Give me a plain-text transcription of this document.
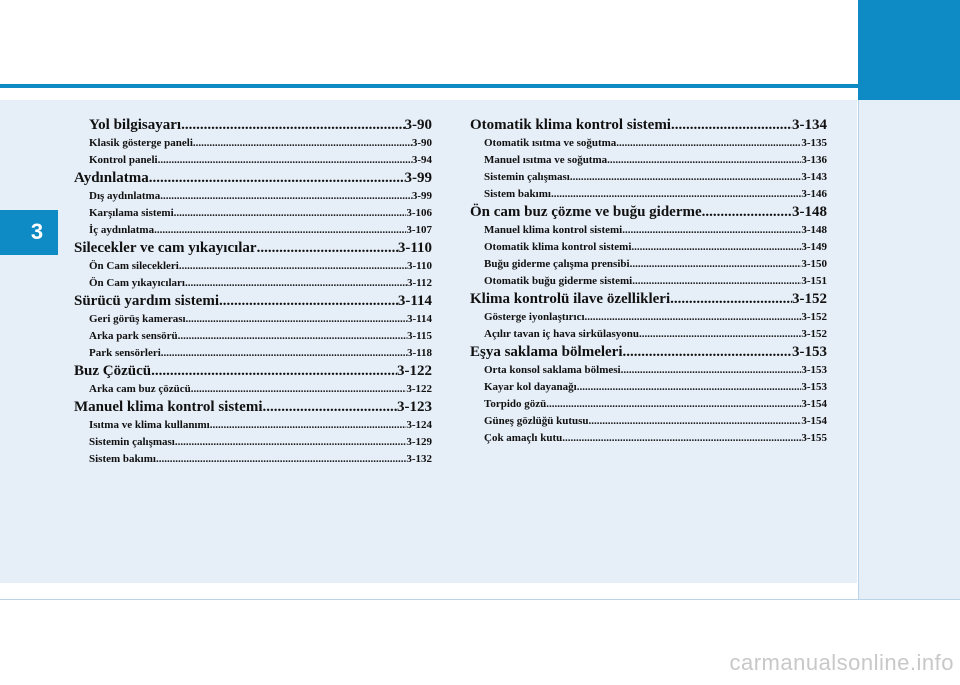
3
Yol bilgisayarı .....	3-90
Klasik gösterge paneli .....	3-90
Kontrol paneli .....	3-94
Aydınlatma .....	3-99
Dış aydınlatma .....	3-99
Karşılama sistemi .....	3-106
İç aydınlatma .....	3-107
Silecekler ve cam yıkayıcılar .....	3-110
Ön Cam silecekleri .....	3-110
Ön Cam yıkayıcıları .....	3-112
Sürücü yardım sistemi .....	3-114
Geri görüş kamerası .....	3-114
Arka park sensörü .....	3-115
Park sensörleri .....	3-118
Buz Çözücü .....	3-122
Arka cam buz çözücü .....	3-122
Manuel klima kontrol sistemi .....	3-123
Isıtma ve klima kullanımı .....	3-124
Sistemin çalışması .....	3-129
Sistem bakımı .....	3-132
Otomatik klima kontrol sistemi .....	3-134
Otomatik ısıtma ve soğutma .....	3-135
Manuel ısıtma ve soğutma .....	3-136
Sistemin çalışması .....	3-143
Sistem bakımı .....	3-146
Ön cam buz çözme ve buğu giderme .....	3-148
Manuel klima kontrol sistemi .....	3-148
Otomatik klima kontrol sistemi .....	3-149
Buğu giderme çalışma prensibi .....	3-150
Otomatik buğu giderme sistemi .....	3-151
Klima kontrolü ilave özellikleri .....	3-152
Gösterge iyonlaştırıcı .....	3-152
Açılır tavan iç hava sirkülasyonu .....	3-152
Eşya saklama bölmeleri .....	3-153
Orta konsol saklama bölmesi .....	3-153
Kayar kol dayanağı .....	3-153
Torpido gözü .....	3-154
Güneş gözlüğü kutusu .....	3-154
Çok amaçlı kutu .....	3-155
carmanualsonline.info
